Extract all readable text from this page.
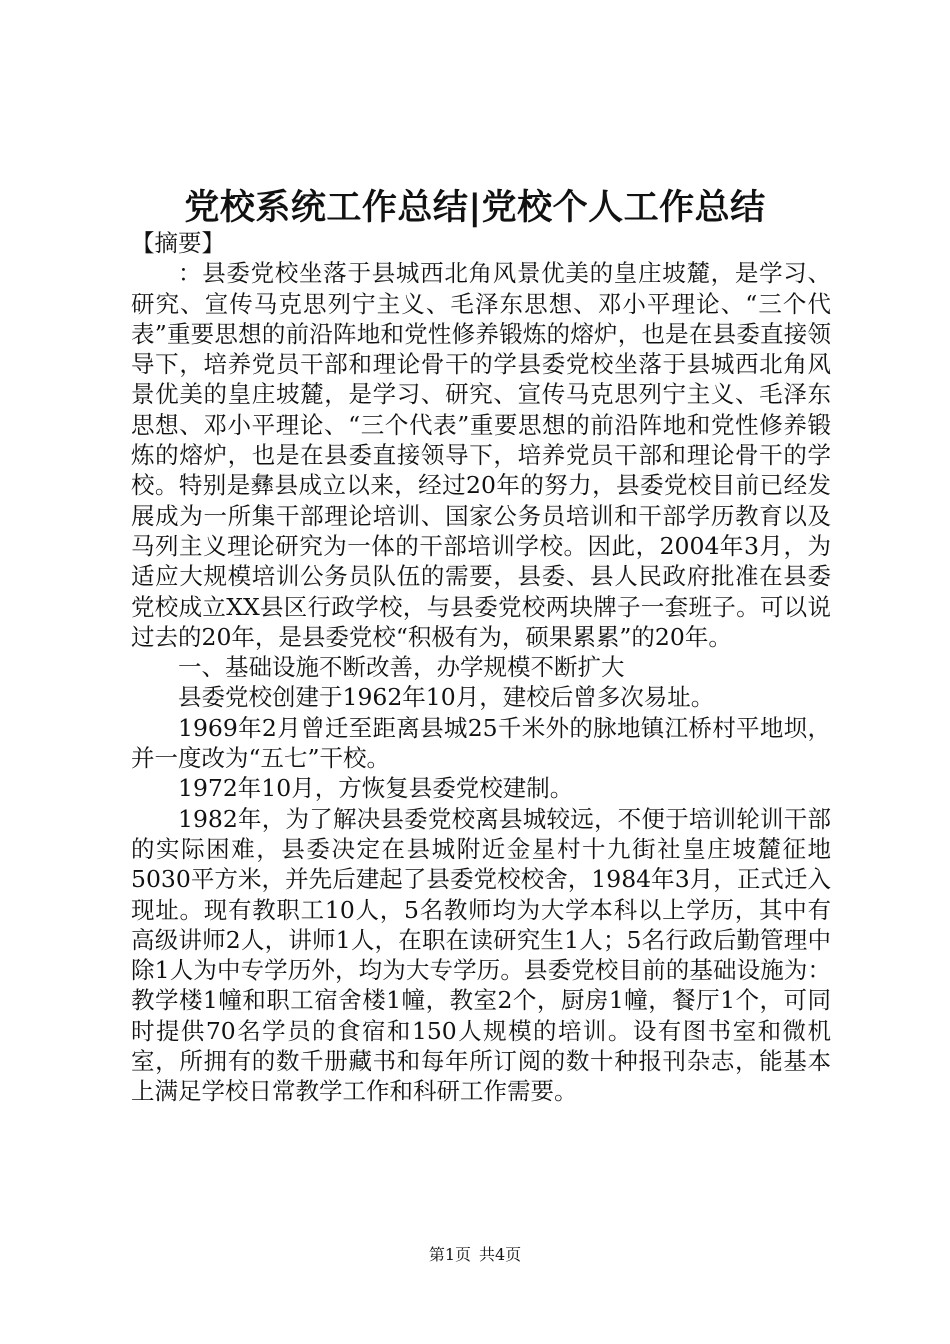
党校系统工作总结|党校个人工作总结

【摘要】

：县委党校坐落于县城西北角风景优美的皇庄坡麓，是学习、研究、宣传马克思列宁主义、毛泽东思想、邓小平理论、“三个代表”重要思想的前沿阵地和党性修养锻炼的熔炉，也是在县委直接领导下，培养党员干部和理论骨干的学县委党校坐落于县城西北角风景优美的皇庄坡麓，是学习、研究、宣传马克思列宁主义、毛泽东思想、邓小平理论、“三个代表”重要思想的前沿阵地和党性修养锻炼的熔炉，也是在县委直接领导下，培养党员干部和理论骨干的学校。特别是彝县成立以来，经过20年的努力，县委党校目前已经发展成为一所集干部理论培训、国家公务员培训和干部学历教育以及马列主义理论研究为一体的干部培训学校。因此，2004年3月，为适应大规模培训公务员队伍的需要，县委、县人民政府批准在县委党校成立XX县区行政学校，与县委党校两块牌子一套班子。可以说过去的20年，是县委党校“积极有为，硕果累累”的20年。

一、基础设施不断改善，办学规模不断扩大

县委党校创建于1962年10月，建校后曾多次易址。

1969年2月曾迁至距离县城25千米外的脉地镇江桥村平地坝，并一度改为“五七”干校。

1972年10月，方恢复县委党校建制。

1982年，为了解决县委党校离县城较远，不便于培训轮训干部的实际困难，县委决定在县城附近金星村十九街社皇庄坡麓征地5030平方米，并先后建起了县委党校校舍，1984年3月，正式迁入现址。现有教职工10人，5名教师均为大学本科以上学历，其中有高级讲师2人，讲师1人，在职在读研究生1人；5名行政后勤管理中除1人为中专学历外，均为大专学历。县委党校目前的基础设施为：教学楼1幢和职工宿舍楼1幢，教室2个，厨房1幢，餐厅1个，可同时提供70名学员的食宿和150人规模的培训。设有图书室和微机室，所拥有的数千册藏书和每年所订阅的数十种报刊杂志，能基本上满足学校日常教学工作和科研工作需要。

第1页 共4页
